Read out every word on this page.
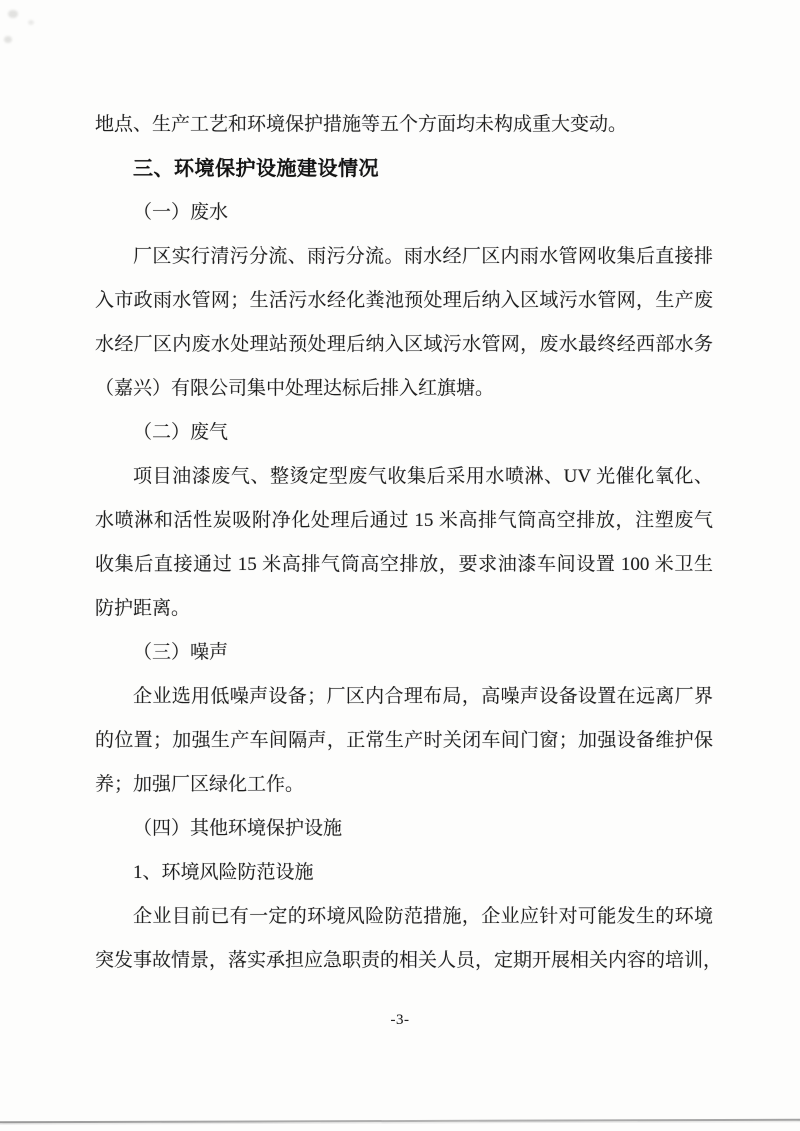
地点、生产工艺和环境保护措施等五个方面均未构成重大变动。
三、环境保护设施建设情况
（一）废水
厂区实行清污分流、雨污分流。雨水经厂区内雨水管网收集后直接排
入市政雨水管网；生活污水经化粪池预处理后纳入区域污水管网，生产废
水经厂区内废水处理站预处理后纳入区域污水管网，废水最终经西部水务
（嘉兴）有限公司集中处理达标后排入红旗塘。
（二）废气
项目油漆废气、整烫定型废气收集后采用水喷淋、UV 光催化氧化、
水喷淋和活性炭吸附净化处理后通过 15 米高排气筒高空排放，注塑废气
收集后直接通过 15 米高排气筒高空排放，要求油漆车间设置 100 米卫生
防护距离。
（三）噪声
企业选用低噪声设备；厂区内合理布局，高噪声设备设置在远离厂界
的位置；加强生产车间隔声，正常生产时关闭车间门窗；加强设备维护保
养；加强厂区绿化工作。
（四）其他环境保护设施
1、环境风险防范设施
企业目前已有一定的环境风险防范措施，企业应针对可能发生的环境
突发事故情景，落实承担应急职责的相关人员，定期开展相关内容的培训，
-3-
